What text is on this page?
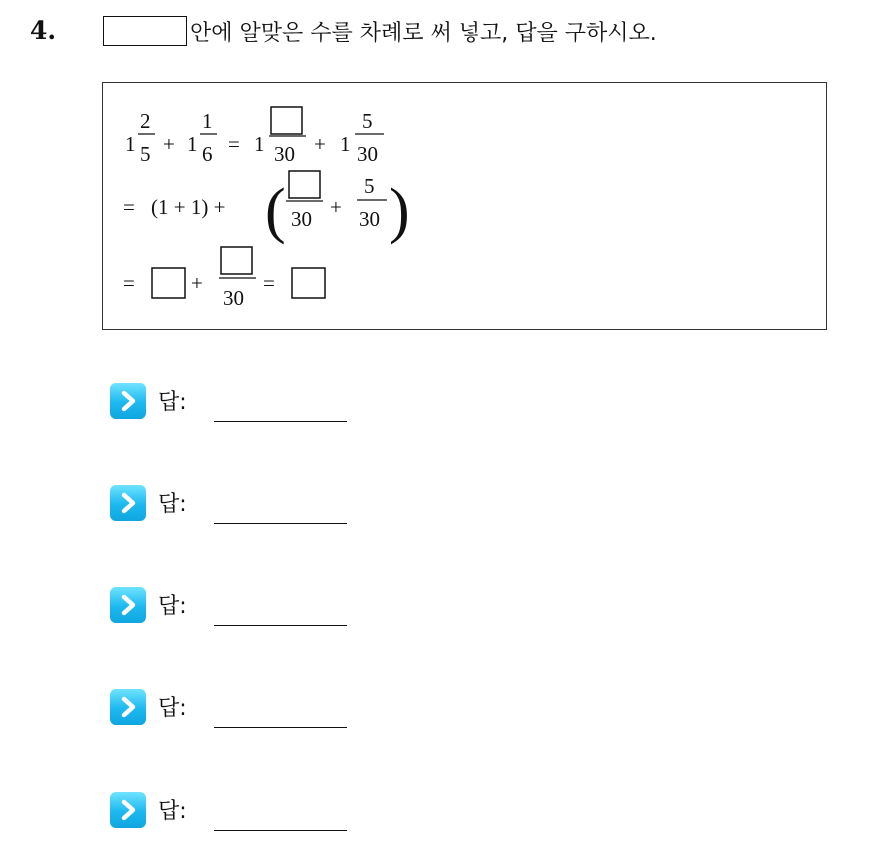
4.	안에 알맞은 수를 차례로 써 넣고, 답을 구하시오.
1
2
5 + 1
1
6 = 1 30 + 1
5
30
= (1 + 1) + ( 30 +
5
30 )
=	+
30
=
답:
답:
답:
답:
답:
